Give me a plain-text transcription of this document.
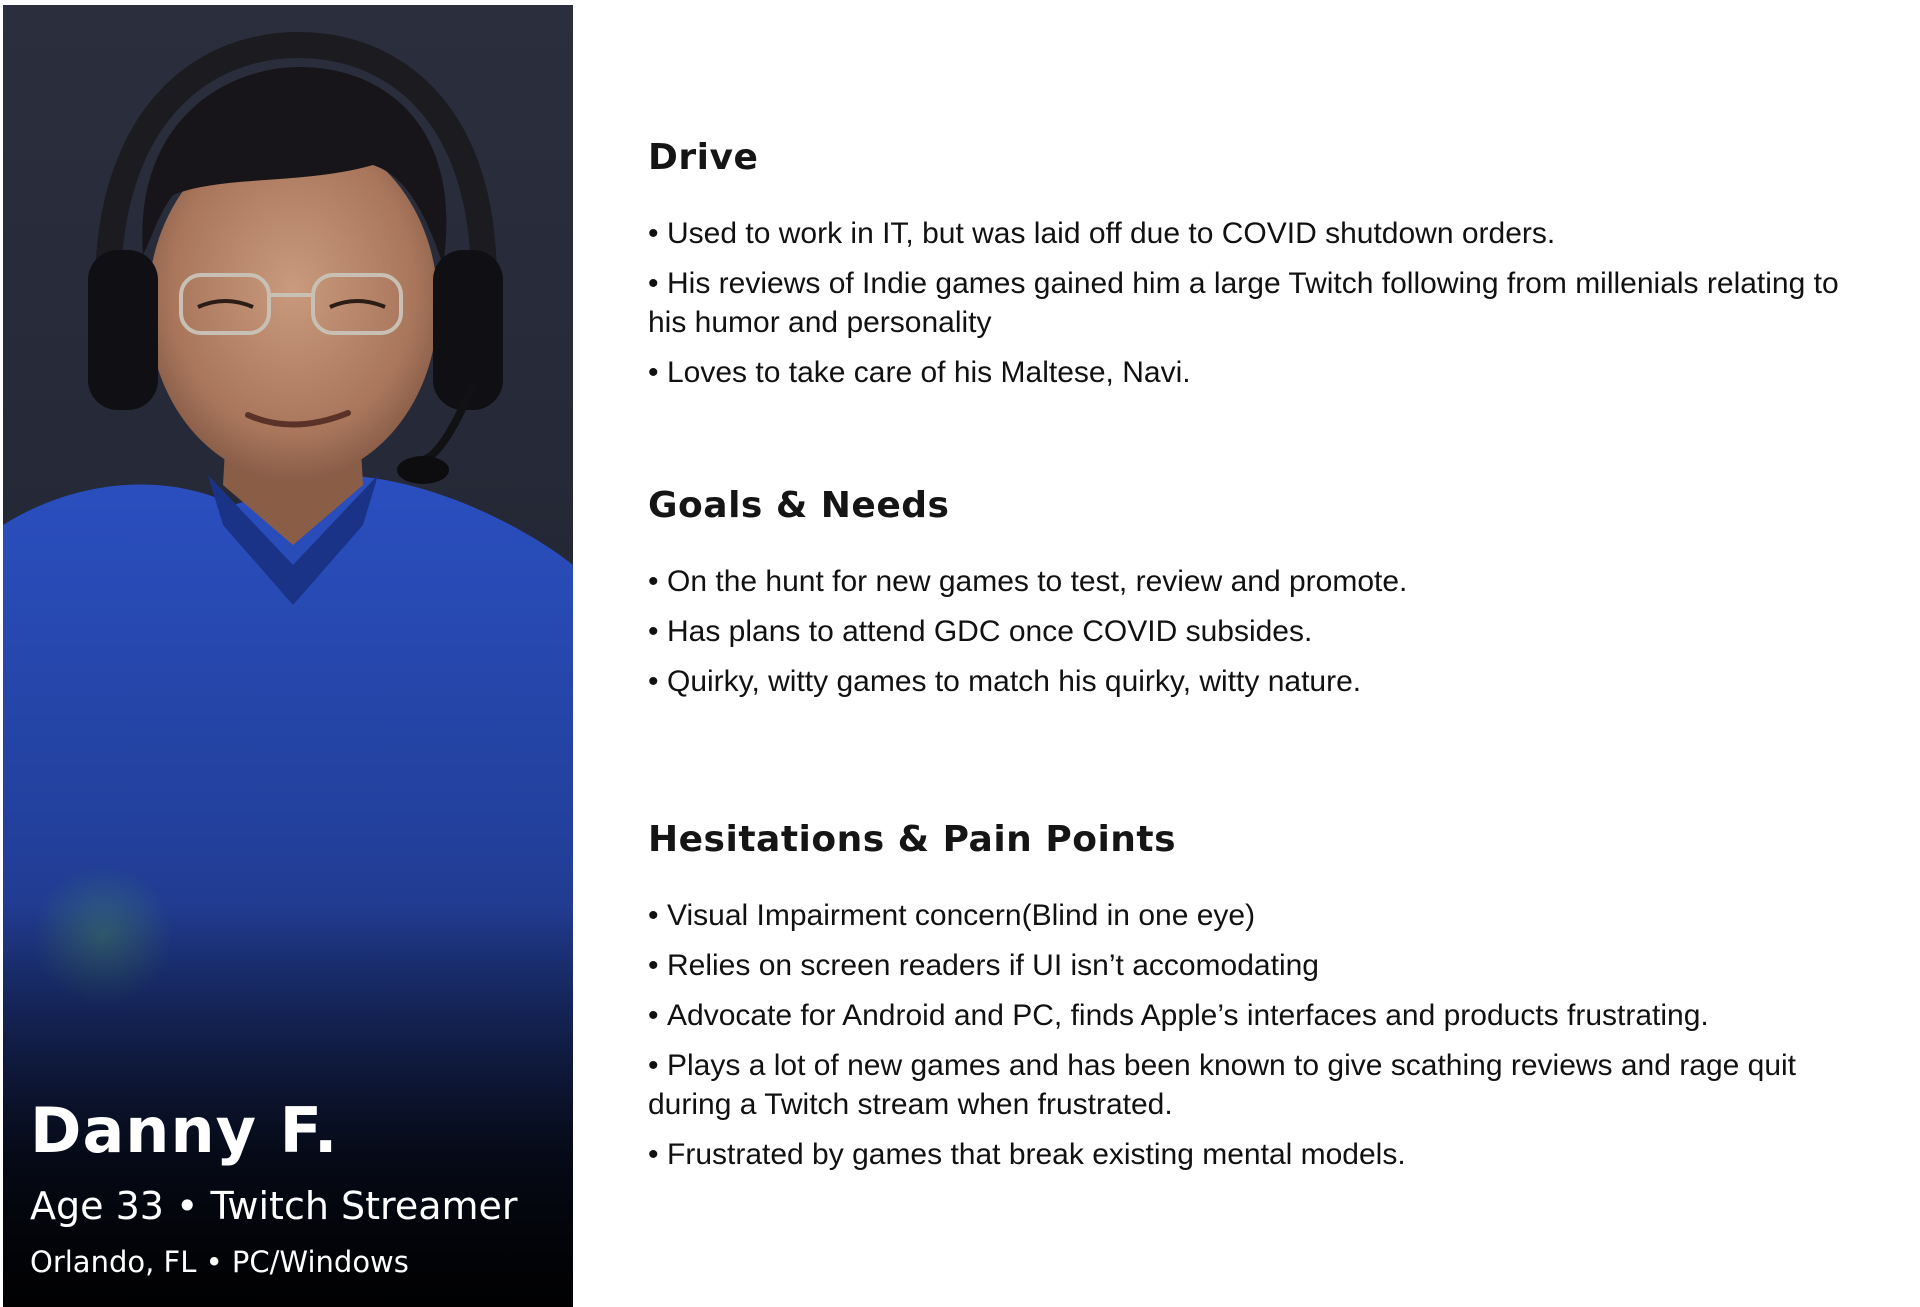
Danny F.
Age 33 • Twitch Streamer
Orlando, FL • PC/Windows
Drive
• Used to work in IT, but was laid off due to COVID shutdown orders.
• His reviews of Indie games gained him a large Twitch following from millenials relating to his humor and personality
• Loves to take care of his Maltese, Navi.
Goals & Needs
• On the hunt for new games to test, review and promote.
• Has plans to attend GDC once COVID subsides.
• Quirky, witty games to match his quirky, witty nature.
Hesitations & Pain Points
• Visual Impairment concern(Blind in one eye)
• Relies on screen readers if UI isn’t accomodating
• Advocate for Android and PC, finds Apple’s interfaces and products frustrating.
• Plays a lot of new games and has been known to give scathing reviews and rage quit during a Twitch stream when frustrated.
• Frustrated by games that break existing mental models.
